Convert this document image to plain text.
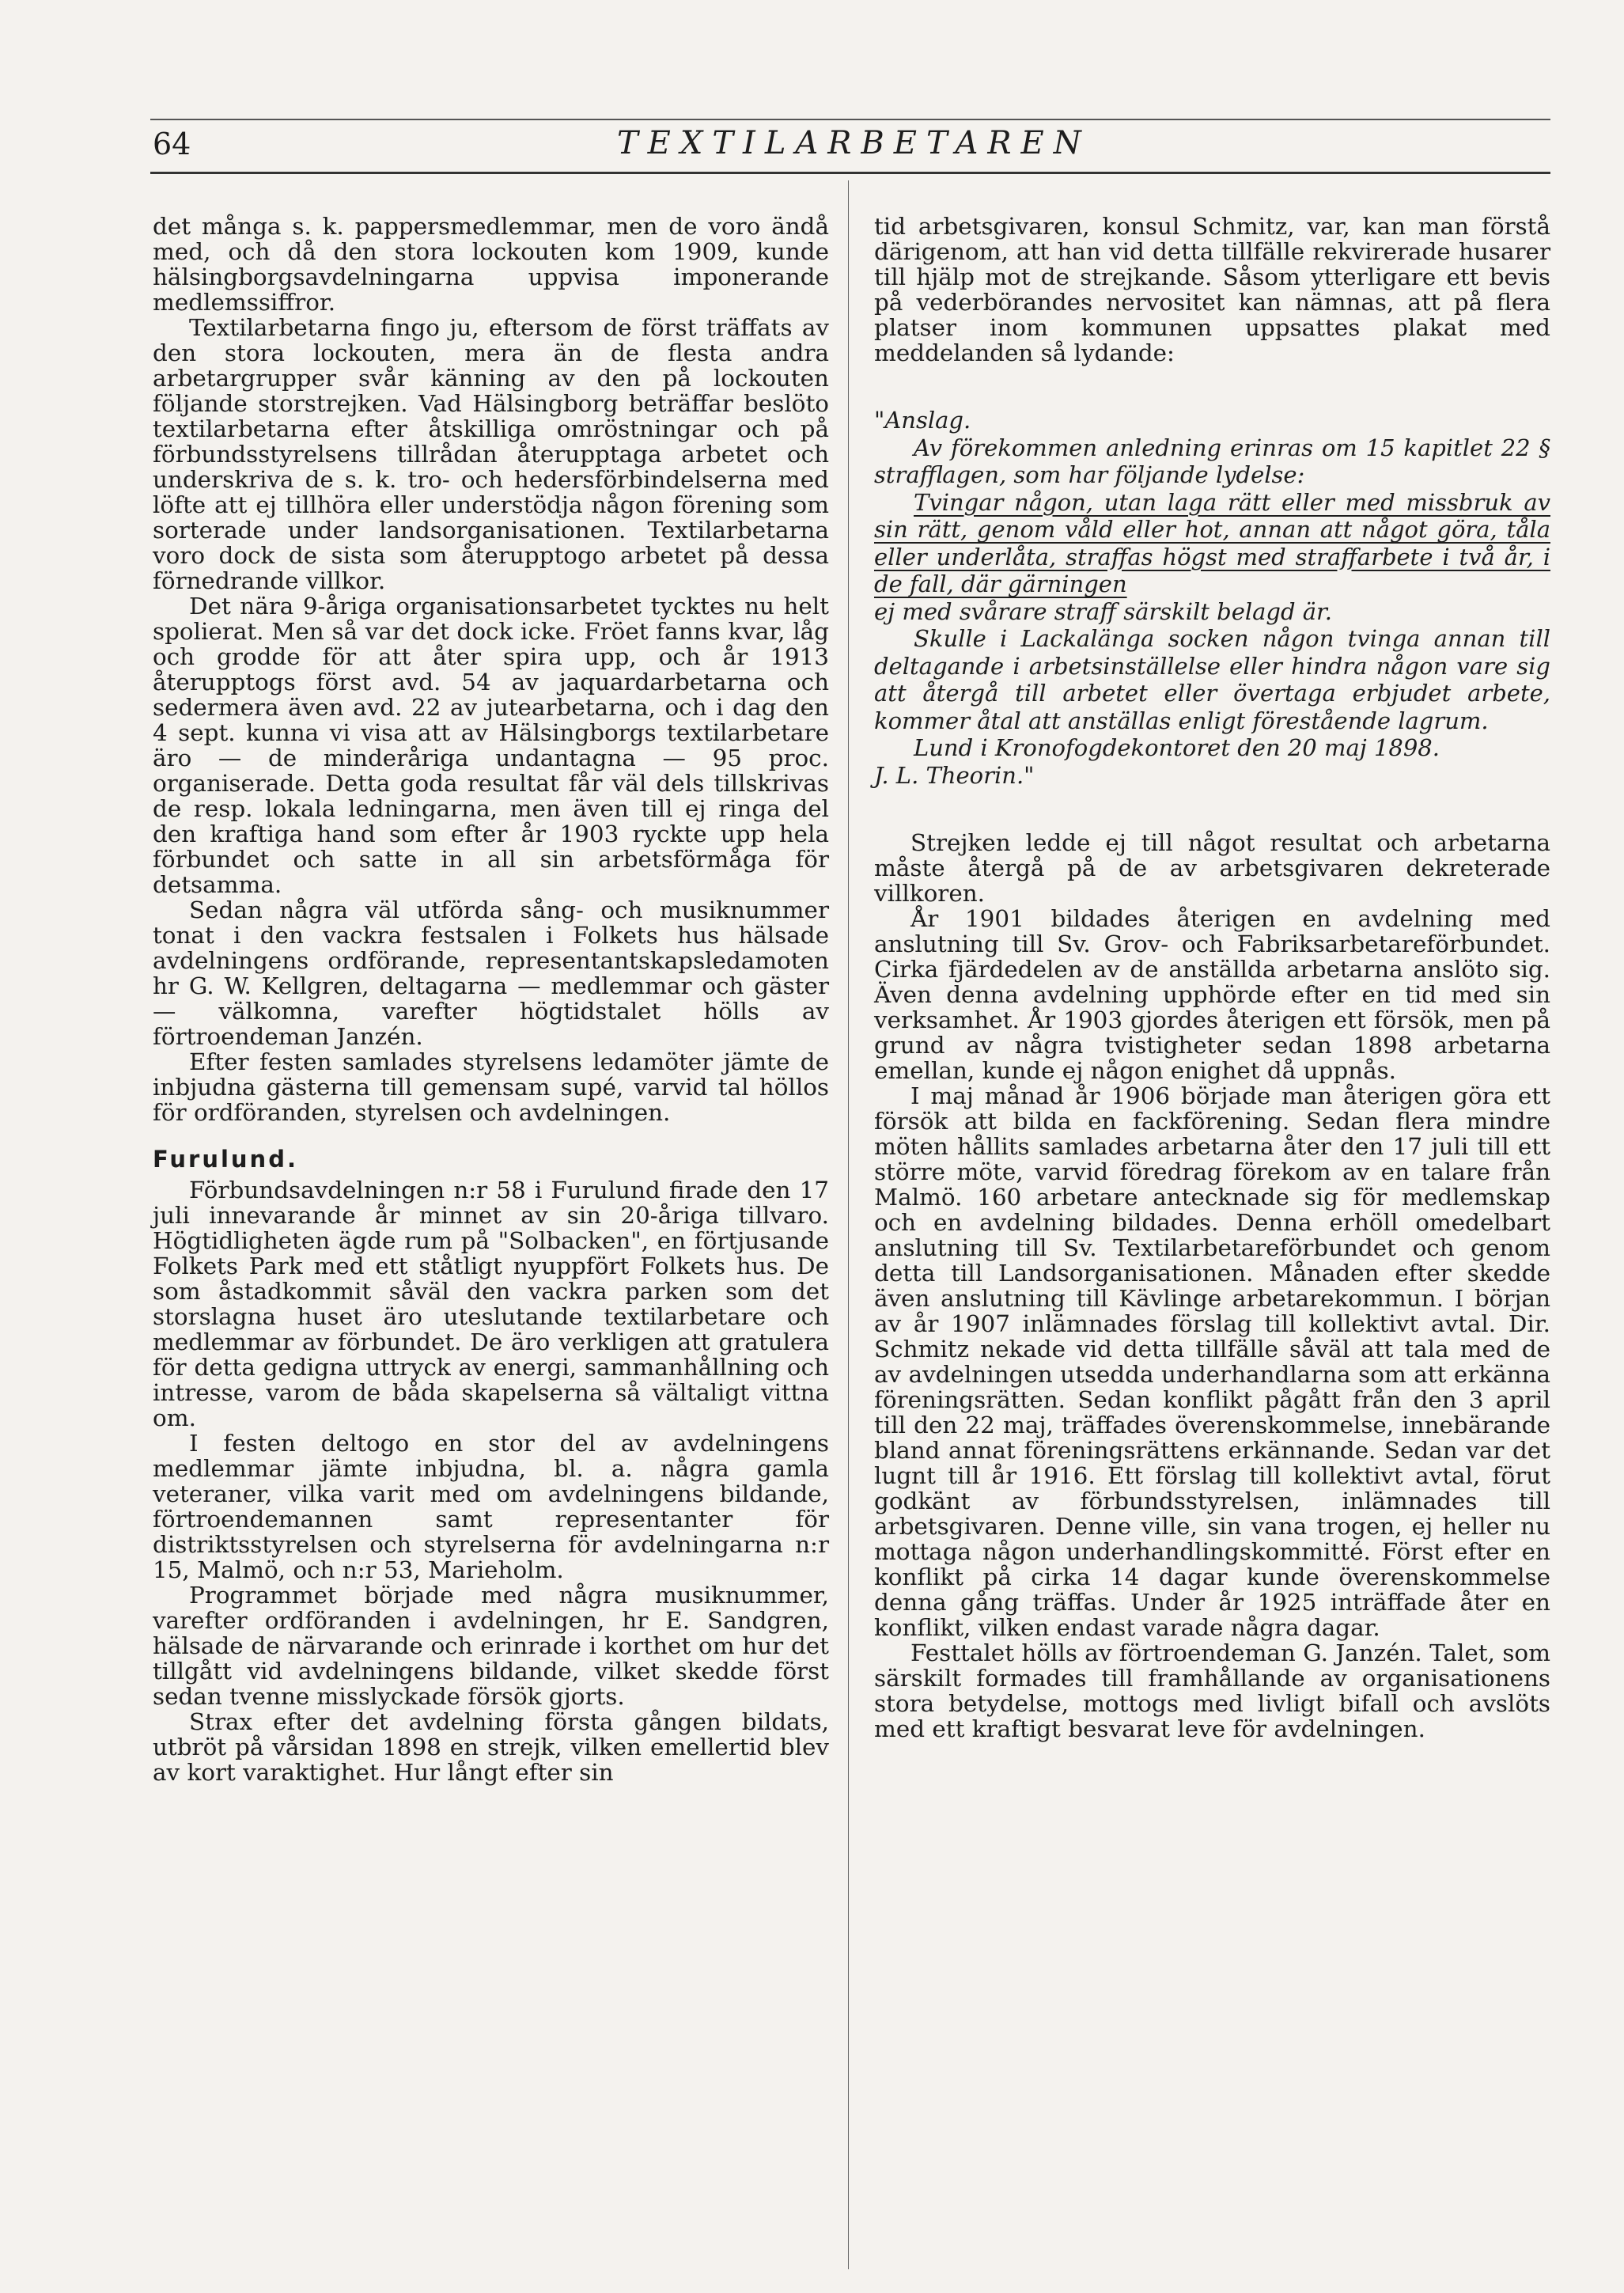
64	TEXTILARBETAREN

det många s. k. pappersmedlemmar, men de voro ändå med, och då den stora lockouten kom 1909, kunde hälsingborgsavdelningarna uppvisa imponerande medlemssiffror.

Textilarbetarna fingo ju, eftersom de först träffats av den stora lockouten, mera än de flesta andra arbetargrupper svår känning av den på lockouten följande storstrejken. Vad Hälsingborg beträffar beslöto textilarbetarna efter åtskilliga omröstningar och på förbundsstyrelsens tillrådan återupptaga arbetet och underskriva de s. k. tro- och hedersförbindelserna med löfte att ej tillhöra eller understödja någon förening som sorterade under landsorganisationen. Textilarbetarna voro dock de sista som återupptogo arbetet på dessa förnedrande villkor.

Det nära 9-åriga organisationsarbetet tycktes nu helt spolierat. Men så var det dock icke. Fröet fanns kvar, låg och grodde för att åter spira upp, och år 1913 återupptogs först avd. 54 av jaquardarbetarna och sedermera även avd. 22 av jutearbetarna, och i dag den 4 sept. kunna vi visa att av Hälsingborgs textilarbetare äro — de minderåriga undantagna — 95 proc. organiserade. Detta goda resultat får väl dels tillskrivas de resp. lokala ledningarna, men även till ej ringa del den kraftiga hand som efter år 1903 ryckte upp hela förbundet och satte in all sin arbetsförmåga för detsamma.

Sedan några väl utförda sång- och musiknummer tonat i den vackra festsalen i Folkets hus hälsade avdelningens ordförande, representantskapsledamoten hr G. W. Kellgren, deltagarna — medlemmar och gäster — välkomna, varefter högtidstalet hölls av förtroendeman Janzén.

Efter festen samlades styrelsens ledamöter jämte de inbjudna gästerna till gemensam supé, varvid tal höllos för ordföranden, styrelsen och avdelningen.

Furulund.

Förbundsavdelningen n:r 58 i Furulund firade den 17 juli innevarande år minnet av sin 20-åriga tillvaro. Högtidligheten ägde rum på "Solbacken", en förtjusande Folkets Park med ett ståtligt nyuppfört Folkets hus. De som åstadkommit såväl den vackra parken som det storslagna huset äro uteslutande textilarbetare och medlemmar av förbundet. De äro verkligen att gratulera för detta gedigna uttryck av energi, sammanhållning och intresse, varom de båda skapelserna så vältaligt vittna om.

I festen deltogo en stor del av avdelningens medlemmar jämte inbjudna, bl. a. några gamla veteraner, vilka varit med om avdelningens bildande, förtroendemannen samt representanter för distriktsstyrelsen och styrelserna för avdelningarna n:r 15, Malmö, och n:r 53, Marieholm.

Programmet började med några musiknummer, varefter ordföranden i avdelningen, hr E. Sandgren, hälsade de närvarande och erinrade i korthet om hur det tillgått vid avdelningens bildande, vilket skedde först sedan tvenne misslyckade försök gjorts.

Strax efter det avdelning första gången bildats, utbröt på vårsidan 1898 en strejk, vilken emellertid blev av kort varaktighet. Hur långt efter sin

tid arbetsgivaren, konsul Schmitz, var, kan man förstå därigenom, att han vid detta tillfälle rekvirerade husarer till hjälp mot de strejkande. Såsom ytterligare ett bevis på vederbörandes nervositet kan nämnas, att på flera platser inom kommunen uppsattes plakat med meddelanden så lydande:

"Anslag.

Av förekommen anledning erinras om 15 kapitlet 22 § strafflagen, som har följande lydelse:

Tvingar någon, utan laga rätt eller med missbruk av sin rätt, genom våld eller hot, annan att något göra, tåla eller underlåta, straffas högst med straffarbete i två år, i de fall, där gärningen

ej med svårare straff särskilt belagd är.

Skulle i Lackalänga socken någon tvinga annan till deltagande i arbetsinställelse eller hindra någon vare sig att återgå till arbetet eller övertaga erbjudet arbete, kommer åtal att anställas enligt förestående lagrum.

Lund i Kronofogdekontoret den 20 maj 1898.

J. L. Theorin."

Strejken ledde ej till något resultat och arbetarna måste återgå på de av arbetsgivaren dekreterade villkoren.

År 1901 bildades återigen en avdelning med anslutning till Sv. Grov- och Fabriksarbetareförbundet. Cirka fjärdedelen av de anställda arbetarna anslöto sig. Även denna avdelning upphörde efter en tid med sin verksamhet. År 1903 gjordes återigen ett försök, men på grund av några tvistigheter sedan 1898 arbetarna emellan, kunde ej någon enighet då uppnås.

I maj månad år 1906 började man återigen göra ett försök att bilda en fackförening. Sedan flera mindre möten hållits samlades arbetarna åter den 17 juli till ett större möte, varvid föredrag förekom av en talare från Malmö. 160 arbetare antecknade sig för medlemskap och en avdelning bildades. Denna erhöll omedelbart anslutning till Sv. Textilarbetareförbundet och genom detta till Landsorganisationen. Månaden efter skedde även anslutning till Kävlinge arbetarekommun. I början av år 1907 inlämnades förslag till kollektivt avtal. Dir. Schmitz nekade vid detta tillfälle såväl att tala med de av avdelningen utsedda underhandlarna som att erkänna föreningsrätten. Sedan konflikt pågått från den 3 april till den 22 maj, träffades överenskommelse, innebärande bland annat föreningsrättens erkännande. Sedan var det lugnt till år 1916. Ett förslag till kollektivt avtal, förut godkänt av förbundsstyrelsen, inlämnades till arbetsgivaren. Denne ville, sin vana trogen, ej heller nu mottaga någon underhandlingskommitté. Först efter en konflikt på cirka 14 dagar kunde överenskommelse denna gång träffas. Under år 1925 inträffade åter en konflikt, vilken endast varade några dagar.

Festtalet hölls av förtroendeman G. Janzén. Talet, som särskilt formades till framhållande av organisationens stora betydelse, mottogs med livligt bifall och avslöts med ett kraftigt besvarat leve för avdelningen.
